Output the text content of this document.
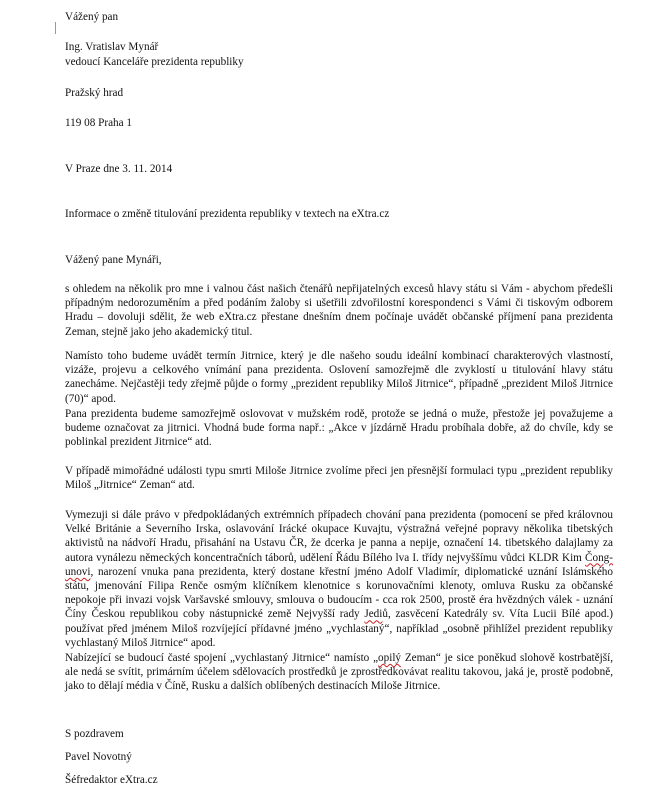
Vážený pan
Ing. Vratislav Mynář
vedoucí Kanceláře prezidenta republiky
Pražský hrad
119 08 Praha 1
V Praze dne 3. 11. 2014
Informace o změně titulování prezidenta republiky v textech na eXtra.cz
Vážený pane Mynáři,
s ohledem na několik pro mne i valnou část našich čtenářů nepřijatelných excesů hlavy státu si Vám - abychom předešli případným nedorozuměním a před podáním žaloby si ušetřili zdvořilostní korespondenci s Vámi či tiskovým odborem Hradu – dovoluji sdělit, že web eXtra.cz přestane dnešním dnem počínaje uvádět občanské příjmení pana prezidenta Zeman, stejně jako jeho akademický titul.
Namísto toho budeme uvádět termín Jitrnice, který je dle našeho soudu ideální kombinací charakterových vlastností, vizáže, projevu a celkového vnímání pana prezidenta. Oslovení samozřejmě dle zvyklostí u titulování hlavy státu zanecháme. Nejčastěji tedy zřejmě půjde o formy „prezident republiky Miloš Jitrnice“, případně „prezident Miloš Jitrnice (70)“ apod.
Pana prezidenta budeme samozřejmě oslovovat v mužském rodě, protože se jedná o muže, přestože jej považujeme a budeme označovat za jitrnici. Vhodná bude forma např.: „Akce v jízdárně Hradu probíhala dobře, až do chvíle, kdy se poblinkal prezident Jitrnice“ atd.
V případě mimořádné události typu smrti Miloše Jitrnice zvolíme přeci jen přesnější formulaci typu „prezident republiky Miloš „Jitrnice“ Zeman“ atd.
Vymezuji si dále právo v předpokládaných extrémních případech chování pana prezidenta (pomocení se před královnou Velké Británie a Severního Irska, oslavování Irácké okupace Kuvajtu, výstražná veřejné popravy několika tibetských aktivistů na nádvoří Hradu, přisahání na Ustavu ČR, že dcerka je panna a nepije, označení 14. tibetského dalajlamy za autora vynálezu německých koncentračních táborů, udělení Řádu Bílého lva I. třídy nejvyššímu vůdci KLDR Kim Čong-unovi, narození vnuka pana prezidenta, který dostane křestní jméno Adolf Vladimír, diplomatické uznání Islámského státu, jmenování Filipa Renče osmým klíčníkem klenotnice s korunovačními klenoty, omluva Rusku za občanské nepokoje při invazi vojsk Varšavské smlouvy, smlouva o budoucím - cca rok 2500, prostě éra hvězdných válek - uznání Číny Českou republikou coby nástupnické země Nejvyšší rady Jediů, zasvěcení Katedrály sv. Víta Lucii Bílé apod.) používat před jménem Miloš rozvíjející přídavné jméno „vychlastaný“, například „osobně přihlížel prezident republiky vychlastaný Miloš Jitrnice“ apod.
Nabízející se budoucí časté spojení „vychlastaný Jitrnice“ namísto „opilý Zeman“ je sice poněkud slohově kostrbatější, ale nedá se svítit, primárním účelem sdělovacích prostředků je zprostředkovávat realitu takovou, jaká je, prostě podobně, jako to dělají média v Číně, Rusku a dalších oblíbených destinacích Miloše Jitrnice.
S pozdravem
Pavel Novotný
Šéfredaktor eXtra.cz
